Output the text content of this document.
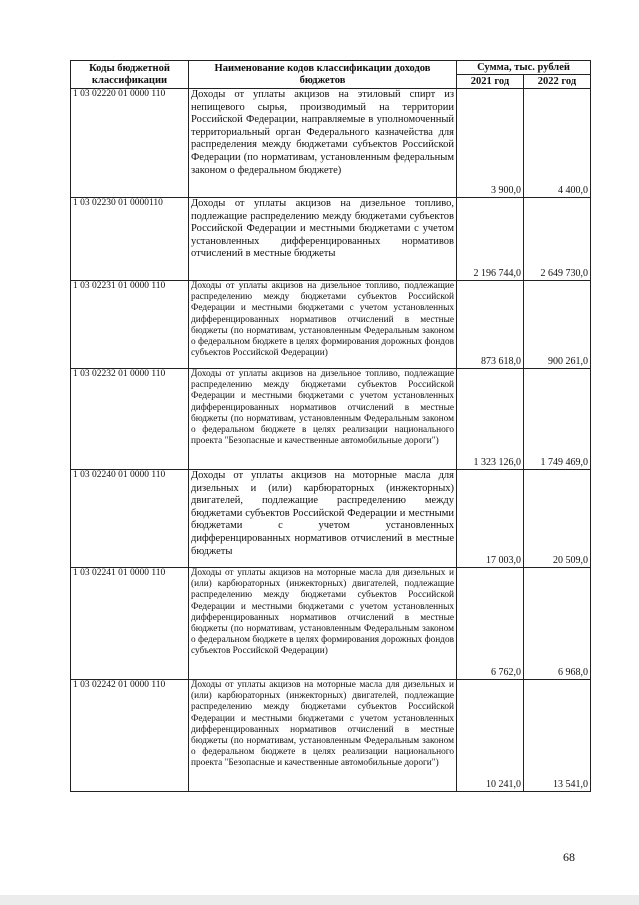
Коды бюджетной классификации	Наименование кодов классификации доходов бюджетов	Сумма, тыс. рублей	
		2021 год	2022 год
1 03 02220 01 0000 110	Доходы от уплаты акцизов на этиловый спирт из непищевого сырья, производимый на территории Российской Федерации, направляемые в уполномоченный территориальный орган Федерального казначейства для распределения между бюджетами субъектов Российской Федерации (по нормативам, установленным федеральным законом о федеральном бюджете)	3 900,0	4 400,0
1 03 02230 01 0000110	Доходы от уплаты акцизов на дизельное топливо, подлежащие распределению между бюджетами субъектов Российской Федерации и местными бюджетами с учетом установленных дифференцированных нормативов отчислений в местные бюджеты	2 196 744,0	2 649 730,0
1 03 02231 01 0000 110	Доходы от уплаты акцизов на дизельное топливо, подлежащие распределению между бюджетами субъектов Российской Федерации и местными бюджетами с учетом установленных дифференцированных нормативов отчислений в местные бюджеты (по нормативам, установленным Федеральным законом о федеральном бюджете в целях формирования дорожных фондов субъектов Российской Федерации)	873 618,0	900 261,0
1 03 02232 01 0000 110	Доходы от уплаты акцизов на дизельное топливо, подлежащие распределению между бюджетами субъектов Российской Федерации и местными бюджетами с учетом установленных дифференцированных нормативов отчислений в местные бюджеты (по нормативам, установленным Федеральным законом о федеральном бюджете в целях реализации национального проекта "Безопасные и качественные автомобильные дороги")	1 323 126,0	1 749 469,0
1 03 02240 01 0000 110	Доходы от уплаты акцизов на моторные масла для дизельных и (или) карбюраторных (инжекторных) двигателей, подлежащие распределению между бюджетами субъектов Российской Федерации и местными бюджетами с учетом установленных дифференцированных нормативов отчислений в местные бюджеты	17 003,0	20 509,0
1 03 02241 01 0000 110	Доходы от уплаты акцизов на моторные масла для дизельных и (или) карбюраторных (инжекторных) двигателей, подлежащие распределению между бюджетами субъектов Российской Федерации и местными бюджетами с учетом установленных дифференцированных нормативов отчислений в местные бюджеты (по нормативам, установленным Федеральным законом о федеральном бюджете в целях формирования дорожных фондов субъектов Российской Федерации)	6 762,0	6 968,0
1 03 02242 01 0000 110	Доходы от уплаты акцизов на моторные масла для дизельных и (или) карбюраторных (инжекторных) двигателей, подлежащие распределению между бюджетами субъектов Российской Федерации и местными бюджетами с учетом установленных дифференцированных нормативов отчислений в местные бюджеты (по нормативам, установленным Федеральным законом о федеральном бюджете в целях реализации национального проекта "Безопасные и качественные автомобильные дороги")	10 241,0	13 541,0
68
